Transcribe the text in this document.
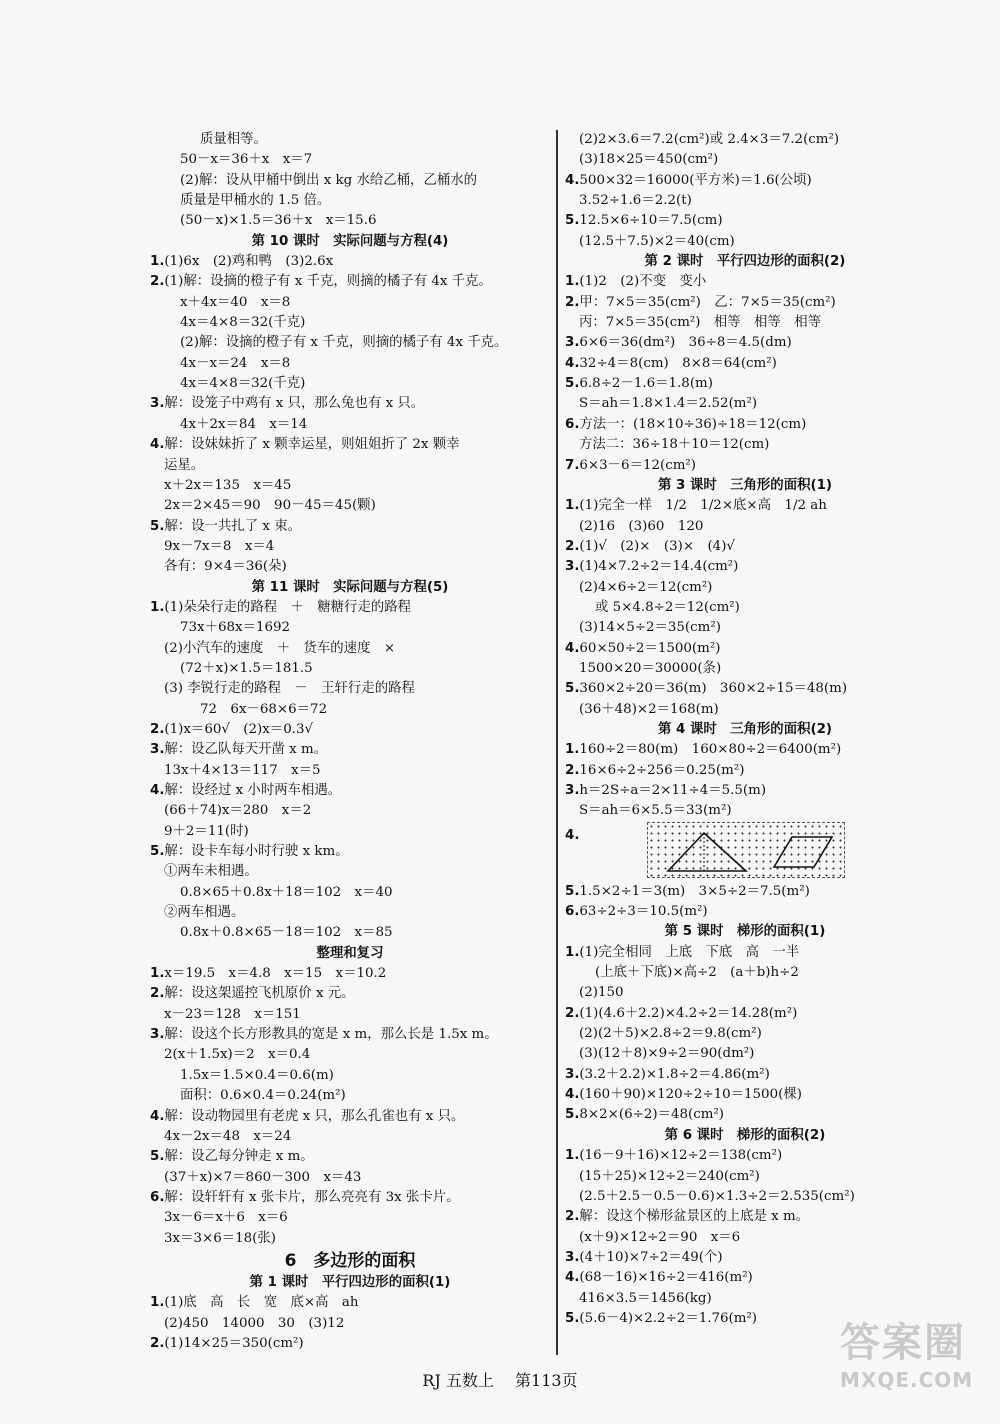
质量相等。
50－x＝36＋x　x＝7
(2)解：设从甲桶中倒出 x kg 水给乙桶，乙桶水的
质量是甲桶水的 1.5 倍。
(50－x)×1.5＝36＋x　x＝15.6
第 10 课时　实际问题与方程(4)
1.(1)6x　(2)鸡和鸭　(3)2.6x
2.(1)解：设摘的橙子有 x 千克，则摘的橘子有 4x 千克。
x＋4x＝40　x＝8
4x＝4×8＝32(千克)
(2)解：设摘的橙子有 x 千克，则摘的橘子有 4x 千克。
4x－x＝24　x＝8
4x＝4×8＝32(千克)
3.解：设笼子中鸡有 x 只，那么兔也有 x 只。
4x＋2x＝84　x＝14
4.解：设妹妹折了 x 颗幸运星，则姐姐折了 2x 颗幸
运星。
x＋2x＝135　x＝45
2x＝2×45＝90　90－45＝45(颗)
5.解：设一共扎了 x 束。
9x－7x＝8　x＝4
各有：9×4＝36(朵)
第 11 课时　实际问题与方程(5)
1.(1)朵朵行走的路程　＋　糖糖行走的路程
73x＋68x＝1692
(2)小汽车的速度　＋　货车的速度　×
(72＋x)×1.5＝181.5
(3) 李锐行走的路程　－　王轩行走的路程
72　6x－68×6＝72
2.(1)x＝60√　(2)x＝0.3√
3.解：设乙队每天开凿 x m。
13x＋4×13＝117　x＝5
4.解：设经过 x 小时两车相遇。
(66＋74)x＝280　x＝2
9＋2＝11(时)
5.解：设卡车每小时行驶 x km。
①两车未相遇。
0.8×65＋0.8x＋18＝102　x＝40
②两车相遇。
0.8x＋0.8×65－18＝102　x＝85
整理和复习
1.x＝19.5　x＝4.8　x＝15　x＝10.2
2.解：设这架遥控飞机原价 x 元。
x－23＝128　x＝151
3.解：设这个长方形教具的宽是 x m，那么长是 1.5x m。
2(x＋1.5x)＝2　x＝0.4
1.5x＝1.5×0.4＝0.6(m)
面积：0.6×0.4＝0.24(m²)
4.解：设动物园里有老虎 x 只，那么孔雀也有 x 只。
4x－2x＝48　x＝24
5.解：设乙每分钟走 x m。
(37＋x)×7＝860－300　x＝43
6.解：设轩轩有 x 张卡片，那么亮亮有 3x 张卡片。
3x－6＝x＋6　x＝6
3x＝3×6＝18(张)
6　多边形的面积
第 1 课时　平行四边形的面积(1)
1.(1)底　高　长　宽　底×高　ah
(2)450　14000　30　(3)12
2.(1)14×25＝350(cm²)
(2)2×3.6＝7.2(cm²)或 2.4×3＝7.2(cm²)
(3)18×25＝450(cm²)
4.500×32＝16000(平方米)＝1.6(公顷)
3.52÷1.6＝2.2(t)
5.12.5×6÷10＝7.5(cm)
(12.5＋7.5)×2＝40(cm)
第 2 课时　平行四边形的面积(2)
1.(1)2　(2)不变　变小
2.甲：7×5＝35(cm²)　乙：7×5＝35(cm²)
丙：7×5＝35(cm²)　相等　相等　相等
3.6×6＝36(dm²)　36÷8＝4.5(dm)
4.32÷4＝8(cm)　8×8＝64(cm²)
5.6.8÷2－1.6＝1.8(m)
S＝ah＝1.8×1.4＝2.52(m²)
6.方法一：(18×10÷36)÷18＝12(cm)
方法二：36÷18＋10＝12(cm)
7.6×3－6＝12(cm²)
第 3 课时　三角形的面积(1)
1.(1)完全一样　1/2　1/2×底×高　1/2 ah
(2)16　(3)60　120
2.(1)√　(2)×　(3)×　(4)√
3.(1)4×7.2÷2＝14.4(cm²)
(2)4×6÷2＝12(cm²)
或 5×4.8÷2＝12(cm²)
(3)14×5÷2＝35(cm²)
4.60×50÷2＝1500(m²)
1500×20＝30000(条)
5.360×2÷20＝36(m)　360×2÷15＝48(m)
(36＋48)×2＝168(m)
第 4 课时　三角形的面积(2)
1.160÷2＝80(m)　160×80÷2＝6400(m²)
2.16×6÷2÷256＝0.25(m²)
3.h＝2S÷a＝2×11÷4＝5.5(m)
S＝ah＝6×5.5＝33(m²)
4.
5.1.5×2÷1＝3(m)　3×5÷2＝7.5(m²)
6.63÷2÷3＝10.5(m²)
第 5 课时　梯形的面积(1)
1.(1)完全相同　上底　下底　高　一半
(上底＋下底)×高÷2　(a＋b)h÷2
(2)150
2.(1)(4.6＋2.2)×4.2÷2＝14.28(m²)
(2)(2＋5)×2.8÷2＝9.8(cm²)
(3)(12＋8)×9÷2＝90(dm²)
3.(3.2＋2.2)×1.8÷2＝4.86(m²)
4.(160＋90)×120÷2÷10＝1500(棵)
5.8×2×(6÷2)＝48(cm²)
第 6 课时　梯形的面积(2)
1.(16－9＋16)×12÷2＝138(cm²)
(15＋25)×12÷2＝240(cm²)
(2.5＋2.5－0.5－0.6)×1.3÷2＝2.535(cm²)
2.解：设这个梯形盆景区的上底是 x m。
(x＋9)×12÷2＝90　x＝6
3.(4＋10)×7÷2＝49(个)
4.(68－16)×16÷2＝416(m²)
416×3.5＝1456(kg)
5.(5.6－4)×2.2÷2＝1.76(m²)
RJ 五数上　 第113页
答案圈
MXQE.COM
